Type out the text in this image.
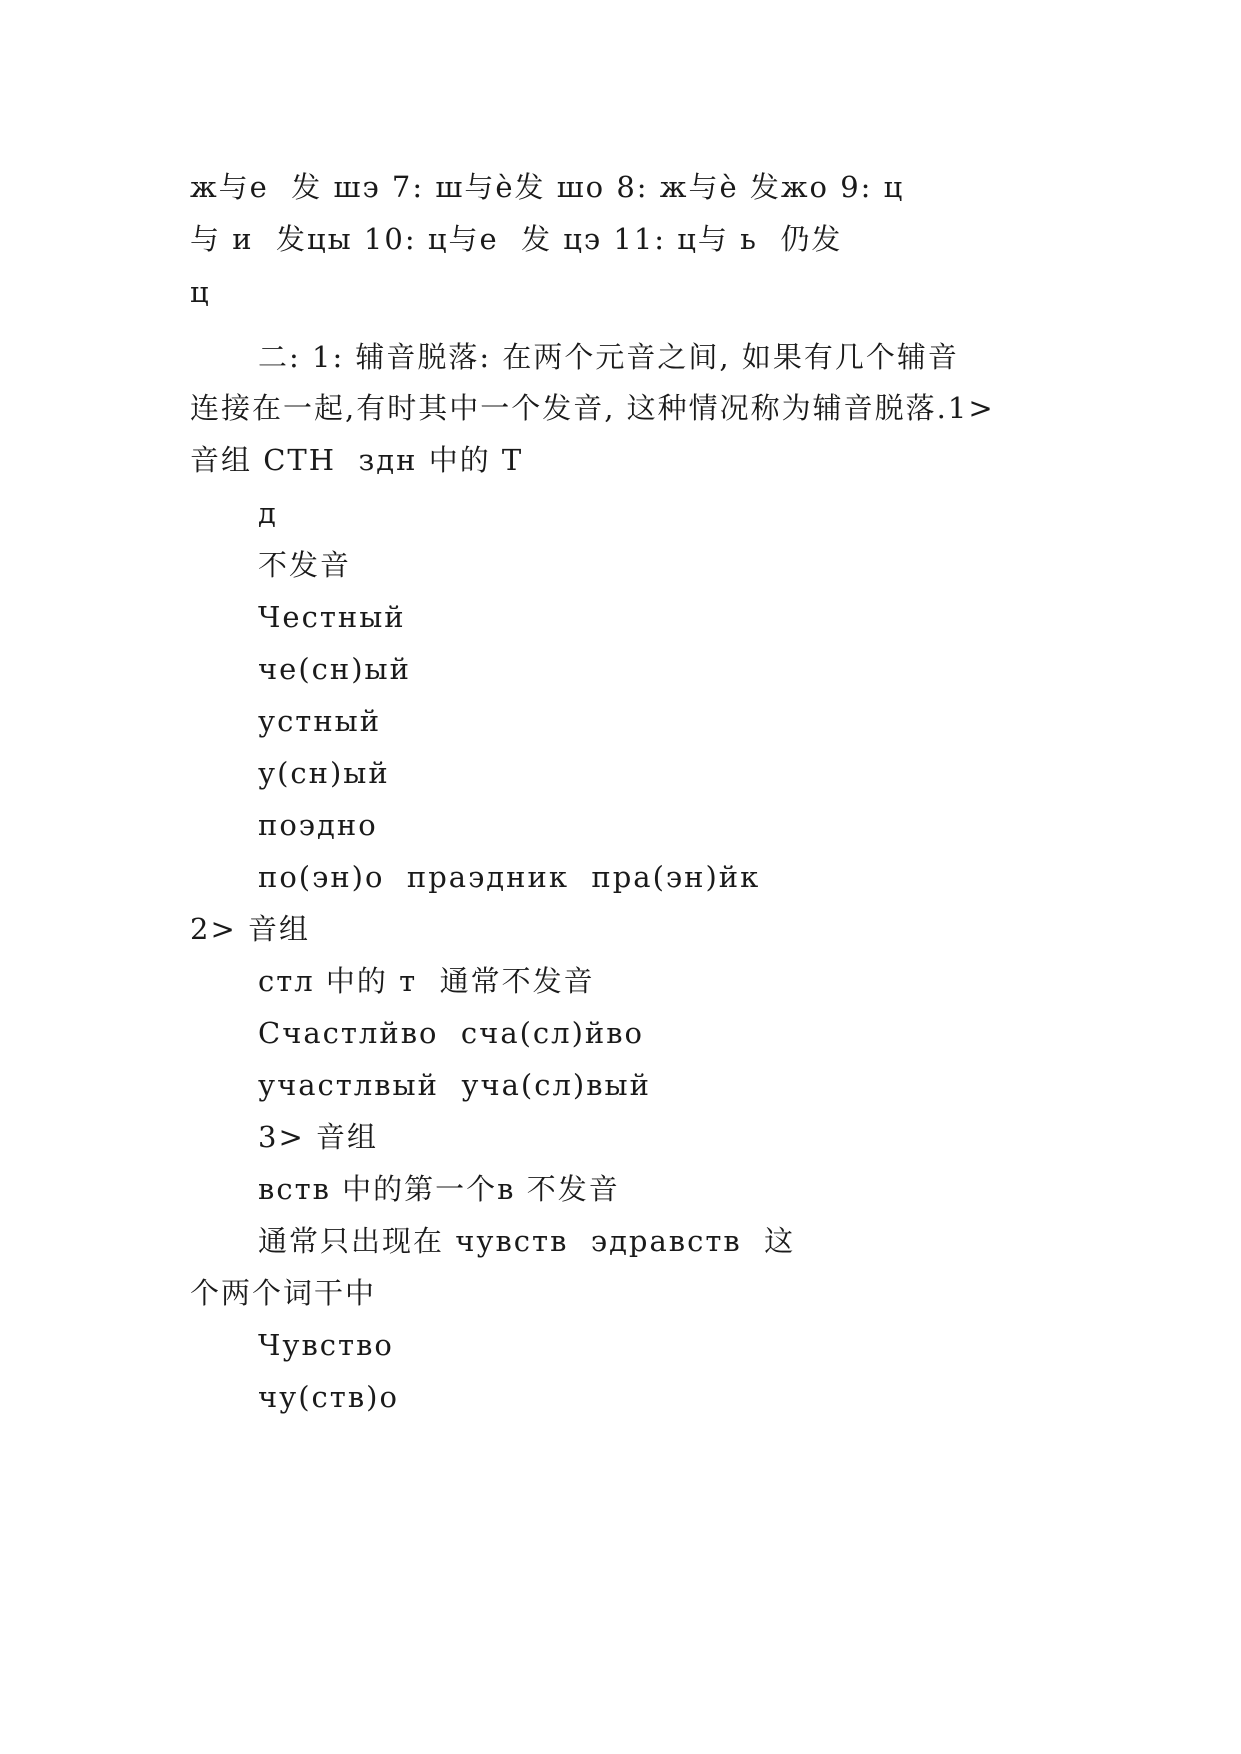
ж与e  发 шэ 7: ш与è发 шo 8: ж与è 发жo 9: ц
与 и  发цы 10: ц与e  发 цэ 11: ц与 ь  仍发
ц
二: 1: 辅音脱落: 在两个元音之间, 如果有几个辅音
连接在一起,有时其中一个发音, 这种情况称为辅音脱落.1>
音组 CTH  здн 中的 T
д
不发音
Честный
че(сн)ый
устный
у(сн)ый
поэдно
по(эн)о  праэдник  пра(эн)йк
2> 音组
стл 中的 т  通常不发音
Счастлйво  сча(сл)йво
участлвый  уча(сл)вый
3> 音组
вств 中的第一个в 不发音
通常只出现在 чувств  эдравств  这
个两个词干中
Чувство
чу(ств)о
